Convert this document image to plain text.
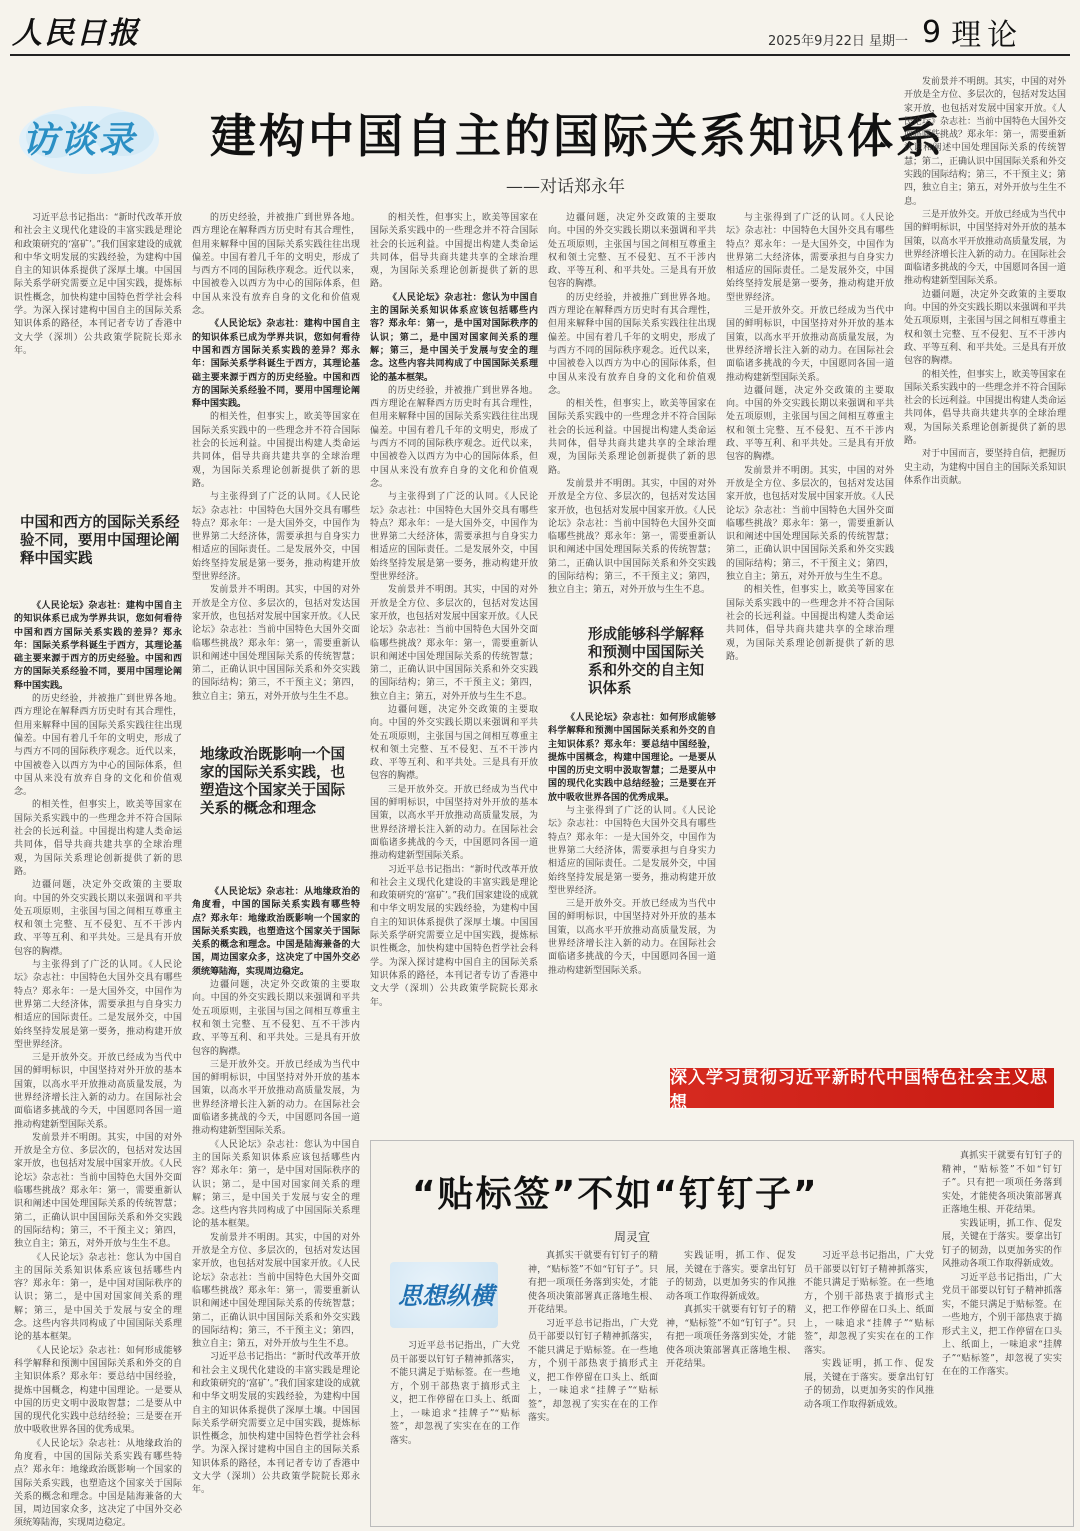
人民日报	2025年9月22日 星期一 9 理论
访谈录 建构中国自主的国际关系知识体系
——对话郑永年

习近平总书记指出：“新时代改革开放和社会主义现代化建设的丰富实践是理论和政策研究的‘富矿’。”我们国家建设的成就和中华文明发展的实践经验，为建构中国自主的知识体系提供了深厚土壤。中国国际关系学研究需要立足中国实践，提炼标识性概念，加快构建中国特色哲学社会科学。为深入探讨建构中国自主的国际关系知识体系的路径，本刊记者专访了香港中文大学（深圳）公共政策学院院长郑永年。

中国和西方的国际关系经验不同，要用中国理论阐释中国实践

《人民论坛》杂志社：建构中国自主的知识体系已成为学界共识，您如何看待中国和西方国际关系实践的差异？郑永年：国际关系学科诞生于西方，其理论基础主要来源于西方的历史经验。中国和西方的国际关系经验不同，要用中国理论阐释中国实践。

的历史经验，并被推广到世界各地。西方理论在解释西方历史时有其合理性，但用来解释中国的国际关系实践往往出现偏差。中国有着几千年的文明史，形成了与西方不同的国际秩序观念。近代以来，中国被卷入以西方为中心的国际体系，但中国从来没有放弃自身的文化和价值观念。

的相关性，但事实上，欧美等国家在国际关系实践中的一些理念并不符合国际社会的长远利益。中国提出构建人类命运共同体，倡导共商共建共享的全球治理观，为国际关系理论创新提供了新的思路。

边疆问题，决定外交政策的主要取向。中国的外交实践长期以来强调和平共处五项原则，主张国与国之间相互尊重主权和领土完整、互不侵犯、互不干涉内政、平等互利、和平共处。三是具有开放包容的胸襟。

与主张得到了广泛的认同。《人民论坛》杂志社：中国特色大国外交具有哪些特点？郑永年：一是大国外交，中国作为世界第二大经济体，需要承担与自身实力相适应的国际责任。二是发展外交，中国始终坚持发展是第一要务，推动构建开放型世界经济。

三是开放外交。开放已经成为当代中国的鲜明标识，中国坚持对外开放的基本国策，以高水平开放推动高质量发展，为世界经济增长注入新的动力。在国际社会面临诸多挑战的今天，中国愿同各国一道推动构建新型国际关系。

发前景并不明朗。其实，中国的对外开放是全方位、多层次的，包括对发达国家开放，也包括对发展中国家开放。《人民论坛》杂志社：当前中国特色大国外交面临哪些挑战？郑永年：第一，需要重新认识和阐述中国处理国际关系的传统智慧；第二，正确认识中国国际关系和外交实践的国际结构；第三，不干预主义；第四，独立自主；第五，对外开放与生生不息。

《人民论坛》杂志社：您认为中国自主的国际关系知识体系应该包括哪些内容？郑永年：第一，是中国对国际秩序的认识；第二，是中国对国家间关系的理解；第三，是中国关于发展与安全的理念。这些内容共同构成了中国国际关系理论的基本框架。

《人民论坛》杂志社：如何形成能够科学解释和预测中国国际关系和外交的自主知识体系？郑永年：要总结中国经验，提炼中国概念，构建中国理论。一是要从中国的历史文明中汲取智慧；二是要从中国的现代化实践中总结经验；三是要在开放中吸收世界各国的优秀成果。

《人民论坛》杂志社：从地缘政治的角度看，中国的国际关系实践有哪些特点？郑永年：地缘政治既影响一个国家的国际关系实践，也塑造这个国家关于国际关系的概念和理念。中国是陆海兼备的大国，周边国家众多，这决定了中国外交必须统筹陆海，实现周边稳定。

的历史经验，并被推广到世界各地。西方理论在解释西方历史时有其合理性，但用来解释中国的国际关系实践往往出现偏差。中国有着几千年的文明史，形成了与西方不同的国际秩序观念。近代以来，中国被卷入以西方为中心的国际体系，但中国从来没有放弃自身的文化和价值观念。

《人民论坛》杂志社：建构中国自主的知识体系已成为学界共识，您如何看待中国和西方国际关系实践的差异？郑永年：国际关系学科诞生于西方，其理论基础主要来源于西方的历史经验。中国和西方的国际关系经验不同，要用中国理论阐释中国实践。

的相关性，但事实上，欧美等国家在国际关系实践中的一些理念并不符合国际社会的长远利益。中国提出构建人类命运共同体，倡导共商共建共享的全球治理观，为国际关系理论创新提供了新的思路。

与主张得到了广泛的认同。《人民论坛》杂志社：中国特色大国外交具有哪些特点？郑永年：一是大国外交，中国作为世界第二大经济体，需要承担与自身实力相适应的国际责任。二是发展外交，中国始终坚持发展是第一要务，推动构建开放型世界经济。

发前景并不明朗。其实，中国的对外开放是全方位、多层次的，包括对发达国家开放，也包括对发展中国家开放。《人民论坛》杂志社：当前中国特色大国外交面临哪些挑战？郑永年：第一，需要重新认识和阐述中国处理国际关系的传统智慧；第二，正确认识中国国际关系和外交实践的国际结构；第三，不干预主义；第四，独立自主；第五，对外开放与生生不息。

地缘政治既影响一个国家的国际关系实践，也塑造这个国家关于国际关系的概念和理念

《人民论坛》杂志社：从地缘政治的角度看，中国的国际关系实践有哪些特点？郑永年：地缘政治既影响一个国家的国际关系实践，也塑造这个国家关于国际关系的概念和理念。中国是陆海兼备的大国，周边国家众多，这决定了中国外交必须统筹陆海，实现周边稳定。

边疆问题，决定外交政策的主要取向。中国的外交实践长期以来强调和平共处五项原则，主张国与国之间相互尊重主权和领土完整、互不侵犯、互不干涉内政、平等互利、和平共处。三是具有开放包容的胸襟。

三是开放外交。开放已经成为当代中国的鲜明标识，中国坚持对外开放的基本国策，以高水平开放推动高质量发展，为世界经济增长注入新的动力。在国际社会面临诸多挑战的今天，中国愿同各国一道推动构建新型国际关系。

《人民论坛》杂志社：您认为中国自主的国际关系知识体系应该包括哪些内容？郑永年：第一，是中国对国际秩序的认识；第二，是中国对国家间关系的理解；第三，是中国关于发展与安全的理念。这些内容共同构成了中国国际关系理论的基本框架。

发前景并不明朗。其实，中国的对外开放是全方位、多层次的，包括对发达国家开放，也包括对发展中国家开放。《人民论坛》杂志社：当前中国特色大国外交面临哪些挑战？郑永年：第一，需要重新认识和阐述中国处理国际关系的传统智慧；第二，正确认识中国国际关系和外交实践的国际结构；第三，不干预主义；第四，独立自主；第五，对外开放与生生不息。

习近平总书记指出：“新时代改革开放和社会主义现代化建设的丰富实践是理论和政策研究的‘富矿’。”我们国家建设的成就和中华文明发展的实践经验，为建构中国自主的知识体系提供了深厚土壤。中国国际关系学研究需要立足中国实践，提炼标识性概念，加快构建中国特色哲学社会科学。为深入探讨建构中国自主的国际关系知识体系的路径，本刊记者专访了香港中文大学（深圳）公共政策学院院长郑永年。

的相关性，但事实上，欧美等国家在国际关系实践中的一些理念并不符合国际社会的长远利益。中国提出构建人类命运共同体，倡导共商共建共享的全球治理观，为国际关系理论创新提供了新的思路。

《人民论坛》杂志社：您认为中国自主的国际关系知识体系应该包括哪些内容？郑永年：第一，是中国对国际秩序的认识；第二，是中国对国家间关系的理解；第三，是中国关于发展与安全的理念。这些内容共同构成了中国国际关系理论的基本框架。

的历史经验，并被推广到世界各地。西方理论在解释西方历史时有其合理性，但用来解释中国的国际关系实践往往出现偏差。中国有着几千年的文明史，形成了与西方不同的国际秩序观念。近代以来，中国被卷入以西方为中心的国际体系，但中国从来没有放弃自身的文化和价值观念。

与主张得到了广泛的认同。《人民论坛》杂志社：中国特色大国外交具有哪些特点？郑永年：一是大国外交，中国作为世界第二大经济体，需要承担与自身实力相适应的国际责任。二是发展外交，中国始终坚持发展是第一要务，推动构建开放型世界经济。

发前景并不明朗。其实，中国的对外开放是全方位、多层次的，包括对发达国家开放，也包括对发展中国家开放。《人民论坛》杂志社：当前中国特色大国外交面临哪些挑战？郑永年：第一，需要重新认识和阐述中国处理国际关系的传统智慧；第二，正确认识中国国际关系和外交实践的国际结构；第三，不干预主义；第四，独立自主；第五，对外开放与生生不息。

边疆问题，决定外交政策的主要取向。中国的外交实践长期以来强调和平共处五项原则，主张国与国之间相互尊重主权和领土完整、互不侵犯、互不干涉内政、平等互利、和平共处。三是具有开放包容的胸襟。

三是开放外交。开放已经成为当代中国的鲜明标识，中国坚持对外开放的基本国策，以高水平开放推动高质量发展，为世界经济增长注入新的动力。在国际社会面临诸多挑战的今天，中国愿同各国一道推动构建新型国际关系。

习近平总书记指出：“新时代改革开放和社会主义现代化建设的丰富实践是理论和政策研究的‘富矿’。”我们国家建设的成就和中华文明发展的实践经验，为建构中国自主的知识体系提供了深厚土壤。中国国际关系学研究需要立足中国实践，提炼标识性概念，加快构建中国特色哲学社会科学。为深入探讨建构中国自主的国际关系知识体系的路径，本刊记者专访了香港中文大学（深圳）公共政策学院院长郑永年。

边疆问题，决定外交政策的主要取向。中国的外交实践长期以来强调和平共处五项原则，主张国与国之间相互尊重主权和领土完整、互不侵犯、互不干涉内政、平等互利、和平共处。三是具有开放包容的胸襟。

的历史经验，并被推广到世界各地。西方理论在解释西方历史时有其合理性，但用来解释中国的国际关系实践往往出现偏差。中国有着几千年的文明史，形成了与西方不同的国际秩序观念。近代以来，中国被卷入以西方为中心的国际体系，但中国从来没有放弃自身的文化和价值观念。

的相关性，但事实上，欧美等国家在国际关系实践中的一些理念并不符合国际社会的长远利益。中国提出构建人类命运共同体，倡导共商共建共享的全球治理观，为国际关系理论创新提供了新的思路。

发前景并不明朗。其实，中国的对外开放是全方位、多层次的，包括对发达国家开放，也包括对发展中国家开放。《人民论坛》杂志社：当前中国特色大国外交面临哪些挑战？郑永年：第一，需要重新认识和阐述中国处理国际关系的传统智慧；第二，正确认识中国国际关系和外交实践的国际结构；第三，不干预主义；第四，独立自主；第五，对外开放与生生不息。

形成能够科学解释和预测中国国际关系和外交的自主知识体系

《人民论坛》杂志社：如何形成能够科学解释和预测中国国际关系和外交的自主知识体系？郑永年：要总结中国经验，提炼中国概念，构建中国理论。一是要从中国的历史文明中汲取智慧；二是要从中国的现代化实践中总结经验；三是要在开放中吸收世界各国的优秀成果。

与主张得到了广泛的认同。《人民论坛》杂志社：中国特色大国外交具有哪些特点？郑永年：一是大国外交，中国作为世界第二大经济体，需要承担与自身实力相适应的国际责任。二是发展外交，中国始终坚持发展是第一要务，推动构建开放型世界经济。

三是开放外交。开放已经成为当代中国的鲜明标识，中国坚持对外开放的基本国策，以高水平开放推动高质量发展，为世界经济增长注入新的动力。在国际社会面临诸多挑战的今天，中国愿同各国一道推动构建新型国际关系。

与主张得到了广泛的认同。《人民论坛》杂志社：中国特色大国外交具有哪些特点？郑永年：一是大国外交，中国作为世界第二大经济体，需要承担与自身实力相适应的国际责任。二是发展外交，中国始终坚持发展是第一要务，推动构建开放型世界经济。

三是开放外交。开放已经成为当代中国的鲜明标识，中国坚持对外开放的基本国策，以高水平开放推动高质量发展，为世界经济增长注入新的动力。在国际社会面临诸多挑战的今天，中国愿同各国一道推动构建新型国际关系。

边疆问题，决定外交政策的主要取向。中国的外交实践长期以来强调和平共处五项原则，主张国与国之间相互尊重主权和领土完整、互不侵犯、互不干涉内政、平等互利、和平共处。三是具有开放包容的胸襟。

发前景并不明朗。其实，中国的对外开放是全方位、多层次的，包括对发达国家开放，也包括对发展中国家开放。《人民论坛》杂志社：当前中国特色大国外交面临哪些挑战？郑永年：第一，需要重新认识和阐述中国处理国际关系的传统智慧；第二，正确认识中国国际关系和外交实践的国际结构；第三，不干预主义；第四，独立自主；第五，对外开放与生生不息。

的相关性，但事实上，欧美等国家在国际关系实践中的一些理念并不符合国际社会的长远利益。中国提出构建人类命运共同体，倡导共商共建共享的全球治理观，为国际关系理论创新提供了新的思路。

发前景并不明朗。其实，中国的对外开放是全方位、多层次的，包括对发达国家开放，也包括对发展中国家开放。《人民论坛》杂志社：当前中国特色大国外交面临哪些挑战？郑永年：第一，需要重新认识和阐述中国处理国际关系的传统智慧；第二，正确认识中国国际关系和外交实践的国际结构；第三，不干预主义；第四，独立自主；第五，对外开放与生生不息。

三是开放外交。开放已经成为当代中国的鲜明标识，中国坚持对外开放的基本国策，以高水平开放推动高质量发展，为世界经济增长注入新的动力。在国际社会面临诸多挑战的今天，中国愿同各国一道推动构建新型国际关系。

边疆问题，决定外交政策的主要取向。中国的外交实践长期以来强调和平共处五项原则，主张国与国之间相互尊重主权和领土完整、互不侵犯、互不干涉内政、平等互利、和平共处。三是具有开放包容的胸襟。

的相关性，但事实上，欧美等国家在国际关系实践中的一些理念并不符合国际社会的长远利益。中国提出构建人类命运共同体，倡导共商共建共享的全球治理观，为国际关系理论创新提供了新的思路。

对于中国而言，要坚持自信，把握历史主动，为建构中国自主的国际关系知识体系作出贡献。

深入学习贯彻习近平新时代中国特色社会主义思想
“贴标签”不如“钉钉子”
周灵宣
思想纵横

习近平总书记指出，广大党员干部要以钉钉子精神抓落实，不能只满足于贴标签。在一些地方，个别干部热衷于搞形式主义，把工作停留在口头上、纸面上，一味追求“挂牌子”“贴标签”，却忽视了实实在在的工作落实。

真抓实干就要有钉钉子的精神，“贴标签”不如“钉钉子”。只有把一项项任务落到实处，才能使各项决策部署真正落地生根、开花结果。

习近平总书记指出，广大党员干部要以钉钉子精神抓落实，不能只满足于贴标签。在一些地方，个别干部热衷于搞形式主义，把工作停留在口头上、纸面上，一味追求“挂牌子”“贴标签”，却忽视了实实在在的工作落实。

实践证明，抓工作、促发展，关键在于落实。要拿出钉钉子的韧劲，以更加务实的作风推动各项工作取得新成效。

真抓实干就要有钉钉子的精神，“贴标签”不如“钉钉子”。只有把一项项任务落到实处，才能使各项决策部署真正落地生根、开花结果。

习近平总书记指出，广大党员干部要以钉钉子精神抓落实，不能只满足于贴标签。在一些地方，个别干部热衷于搞形式主义，把工作停留在口头上、纸面上，一味追求“挂牌子”“贴标签”，却忽视了实实在在的工作落实。

实践证明，抓工作、促发展，关键在于落实。要拿出钉钉子的韧劲，以更加务实的作风推动各项工作取得新成效。

真抓实干就要有钉钉子的精神，“贴标签”不如“钉钉子”。只有把一项项任务落到实处，才能使各项决策部署真正落地生根、开花结果。

实践证明，抓工作、促发展，关键在于落实。要拿出钉钉子的韧劲，以更加务实的作风推动各项工作取得新成效。

习近平总书记指出，广大党员干部要以钉钉子精神抓落实，不能只满足于贴标签。在一些地方，个别干部热衷于搞形式主义，把工作停留在口头上、纸面上，一味追求“挂牌子”“贴标签”，却忽视了实实在在的工作落实。
